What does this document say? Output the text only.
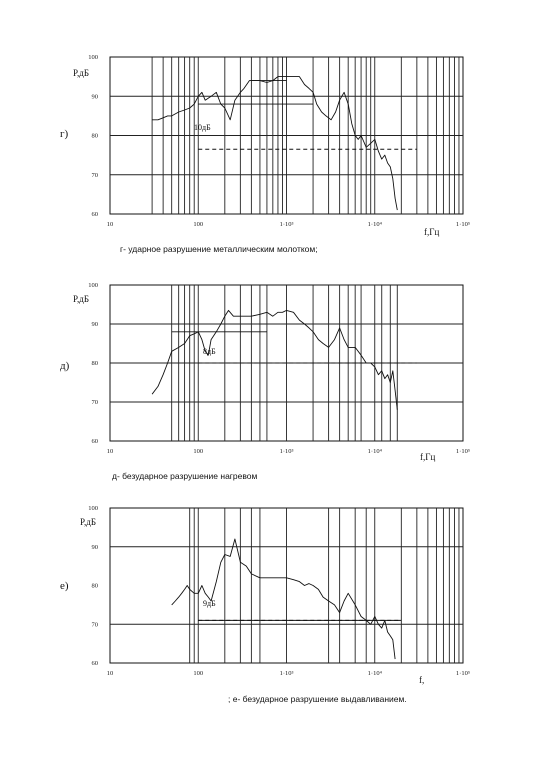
г)
100
90
80
70
60
10	100	1·10³	1·10⁴	1·10⁵
P,дБ
f,Гц
10дБ
г- ударное разрушение металлическим молотком;
д)
100
90
80
70
60
10	100	1·10³	1·10⁴	1·10⁵
P,дБ
f,Гц
8дБ
д- безударное разрушение нагревом
е)
100
90
80
70
60
10	100	1·10³	1·10⁴	1·10⁵
P,дБ
f,
9дБ
; е- безударное разрушение выдавливанием.
